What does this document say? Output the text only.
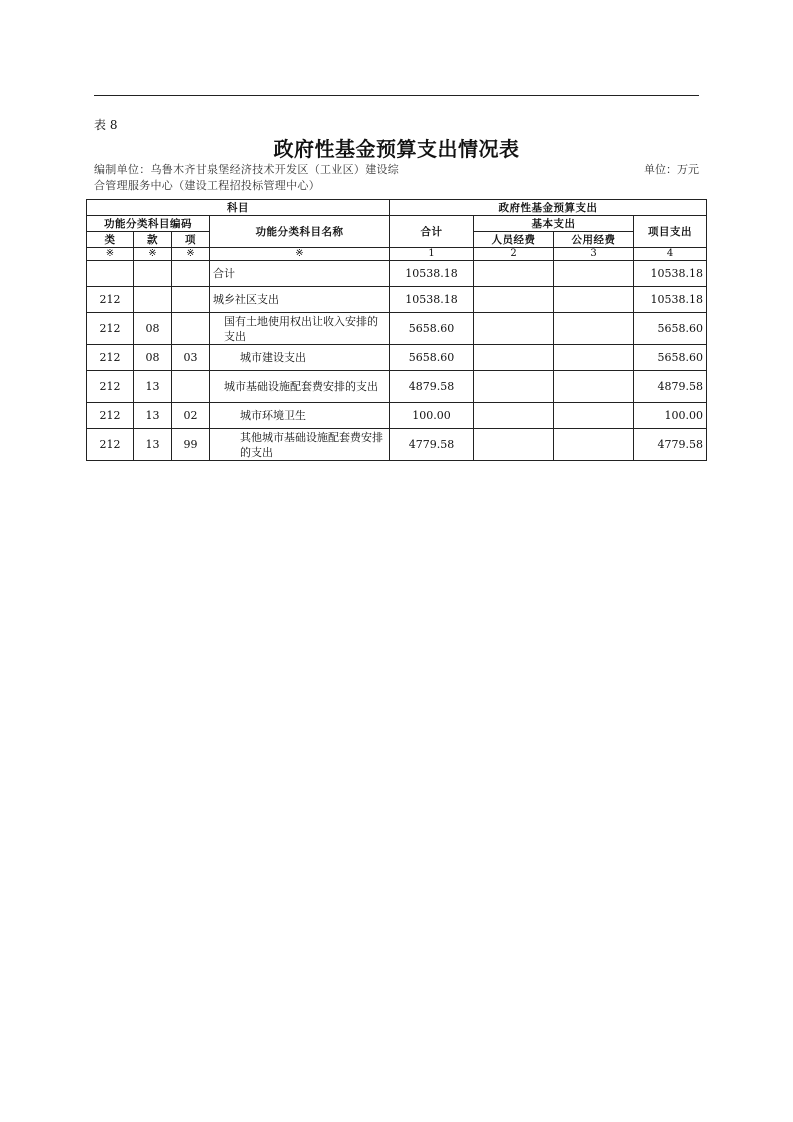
表 8
政府性基金预算支出情况表
编制单位：乌鲁木齐甘泉堡经济技术开发区（工业区）建设综合管理服务中心（建设工程招投标管理中心）
单位：万元
科目				政府性基金预算支出			
功能分类科目编码			功能分类科目名称	合计	基本支出		项目支出
类	款	项			人员经费	公用经费	
※	※	※	※	1	2	3	4
			合计	10538.18			10538.18
212			城乡社区支出	10538.18			10538.18
212	08		国有土地使用权出让收入安排的支出	5658.60			5658.60
212	08	03	城市建设支出	5658.60			5658.60
212	13		城市基础设施配套费安排的支出	4879.58			4879.58
212	13	02	城市环境卫生	100.00			100.00
212	13	99	其他城市基础设施配套费安排的支出	4779.58			4779.58
